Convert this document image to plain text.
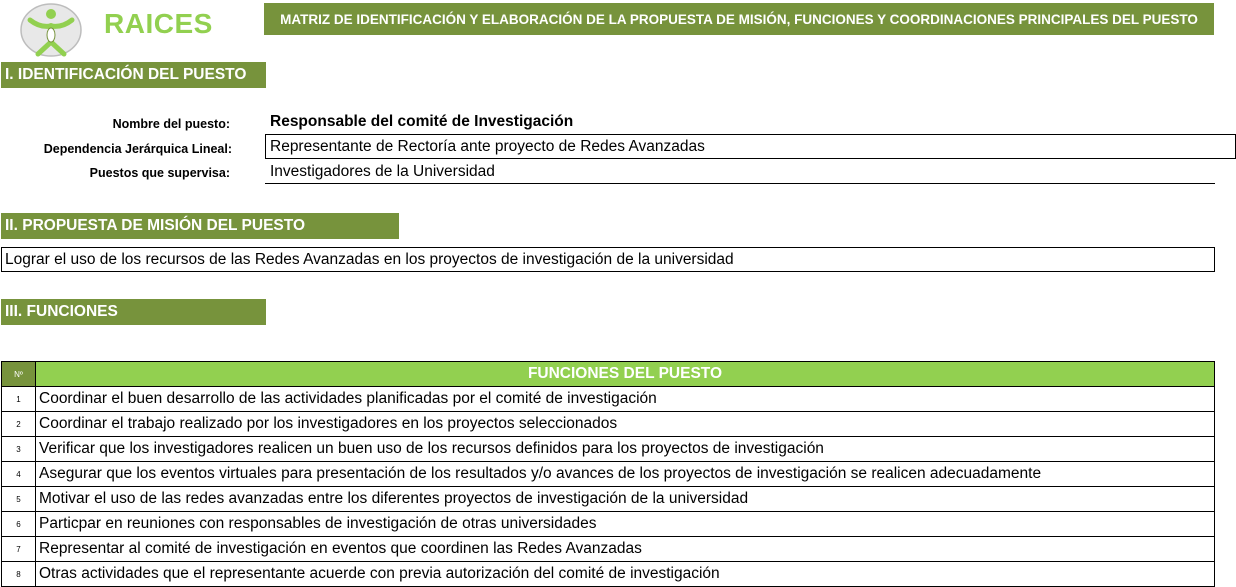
RAICES	MATRIZ DE IDENTIFICACIÓN Y ELABORACIÓN DE LA PROPUESTA DE MISIÓN, FUNCIONES Y COORDINACIONES PRINCIPALES DEL PUESTO
I. IDENTIFICACIÓN DEL PUESTO
Nombre del puesto:	Responsable del comité de Investigación
Dependencia Jerárquica Lineal: Representante de Rectoría ante proyecto de Redes Avanzadas
Puestos que supervisa:	Investigadores de la Universidad
II. PROPUESTA DE MISIÓN DEL PUESTO
Lograr el uso de los recursos de las Redes Avanzadas en los proyectos de investigación de la universidad
III. FUNCIONES
Nº	FUNCIONES DEL PUESTO
1	Coordinar el buen desarrollo de las actividades planificadas por el comité de investigación
2	Coordinar el trabajo realizado por los investigadores en los proyectos seleccionados
3	Verificar que los investigadores realicen un buen uso de los recursos definidos para los proyectos de investigación
4	Asegurar que los eventos virtuales para presentación de los resultados y/o avances de los proyectos de investigación se realicen adecuadamente
5	Motivar el uso de las redes avanzadas entre los diferentes proyectos de investigación de la universidad
6	Particpar en reuniones con responsables de investigación de otras universidades
7	Representar al comité de investigación en eventos que coordinen las Redes Avanzadas
8	Otras actividades que el representante acuerde con previa autorización del comité de investigación
